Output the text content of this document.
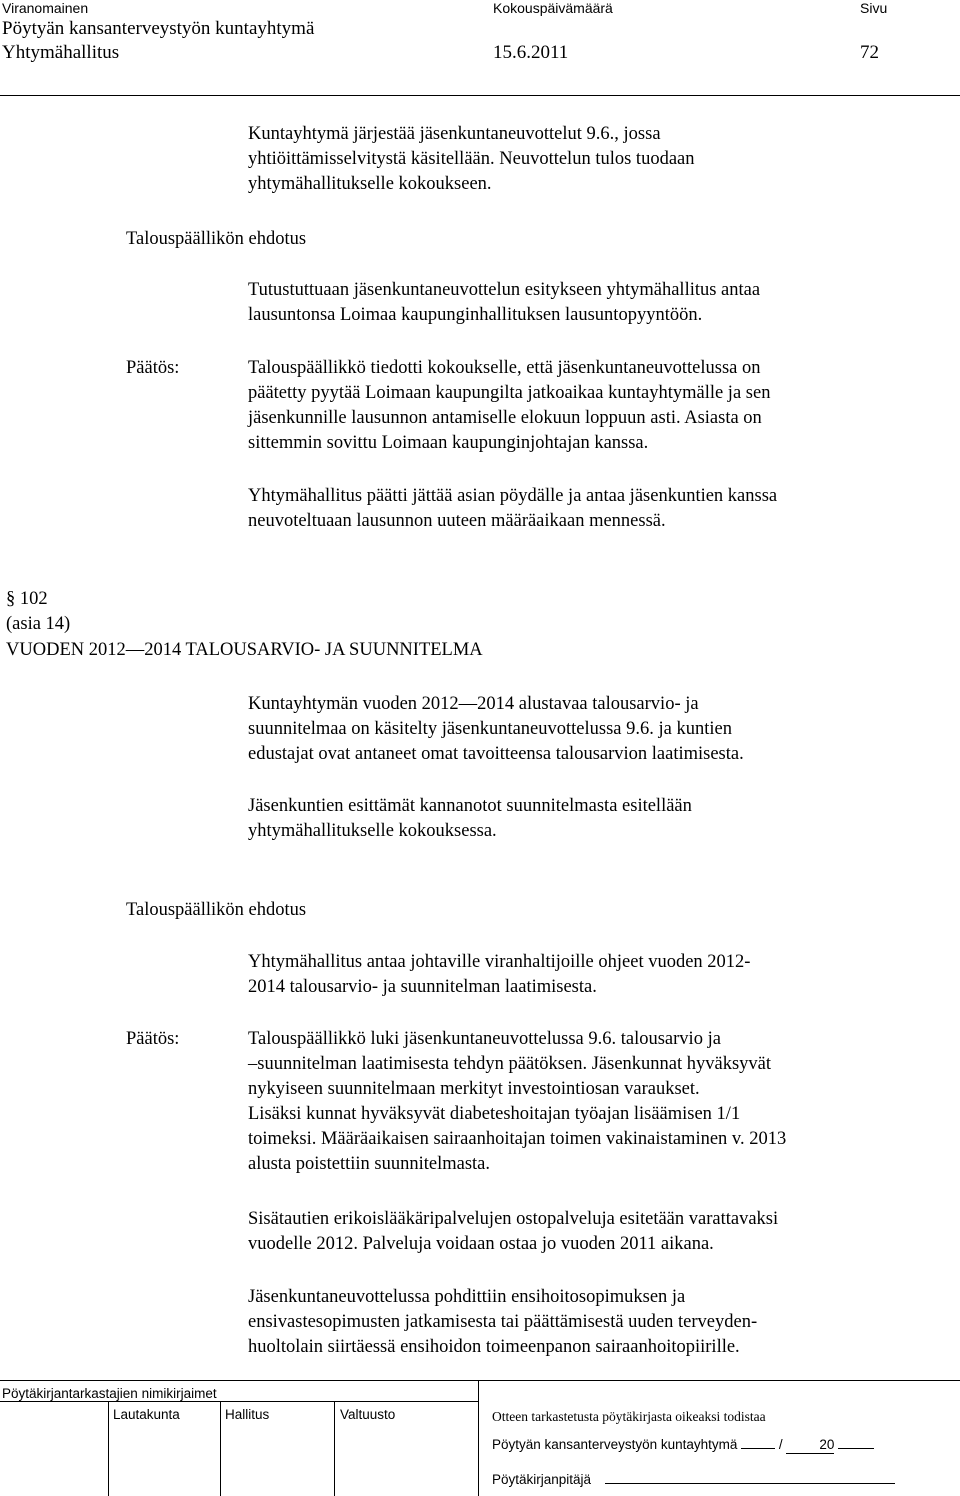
Viranomainen	Kokouspäivämäärä	Sivu
Pöytyän kansanterveystyön kuntayhtymä
Yhtymähallitus	15.6.2011	72
Kuntayhtymä järjestää jäsenkuntaneuvottelut 9.6., jossa
yhtiöittämisselvitystä käsitellään. Neuvottelun tulos tuodaan
yhtymähallitukselle kokoukseen.
Talouspäällikön ehdotus
Tutustuttuaan jäsenkuntaneuvottelun esitykseen yhtymähallitus antaa
lausuntonsa Loimaa kaupunginhallituksen lausuntopyyntöön.
Päätös:	Talouspäällikkö tiedotti kokoukselle, että jäsenkuntaneuvottelussa on
päätetty pyytää Loimaan kaupungilta jatkoaikaa kuntayhtymälle ja sen
jäsenkunnille lausunnon antamiselle elokuun loppuun asti. Asiasta on
sittemmin sovittu Loimaan kaupunginjohtajan kanssa.
Yhtymähallitus päätti jättää asian pöydälle ja antaa jäsenkuntien kanssa
neuvoteltuaan lausunnon uuteen määräaikaan mennessä.
§ 102
(asia 14)
VUODEN 2012—2014 TALOUSARVIO- JA SUUNNITELMA
Kuntayhtymän vuoden 2012—2014 alustavaa talousarvio- ja
suunnitelmaa on käsitelty jäsenkuntaneuvottelussa 9.6. ja kuntien
edustajat ovat antaneet omat tavoitteensa talousarvion laatimisesta.
Jäsenkuntien esittämät kannanotot suunnitelmasta esitellään
yhtymähallitukselle kokouksessa.
Talouspäällikön ehdotus
Yhtymähallitus antaa johtaville viranhaltijoille ohjeet vuoden 2012-
2014 talousarvio- ja suunnitelman laatimisesta.
Päätös:	Talouspäällikkö luki jäsenkuntaneuvottelussa 9.6. talousarvio ja
–suunnitelman laatimisesta tehdyn päätöksen. Jäsenkunnat hyväksyvät
nykyiseen suunnitelmaan merkityt investointiosan varaukset.
Lisäksi kunnat hyväksyvät diabeteshoitajan työajan lisäämisen 1/1
toimeksi. Määräaikaisen sairaanhoitajan toimen vakinaistaminen v. 2013
alusta poistettiin suunnitelmasta.
Sisätautien erikoislääkäripalvelujen ostopalveluja esitetään varattavaksi
vuodelle 2012. Palveluja voidaan ostaa jo vuoden 2011 aikana.
Jäsenkuntaneuvottelussa pohdittiin ensihoitosopimuksen ja
ensivastesopimusten jatkamisesta tai päättämisestä uuden terveyden-
huoltolain siirtäessä ensihoidon toimeenpanon sairaanhoitopiirille.
Pöytäkirjantarkastajien nimikirjaimet
Lautakunta	Hallitus	Valtuusto	Otteen tarkastetusta pöytäkirjasta oikeaksi todistaa
Pöytyän kansanterveystyön kuntayhtymä	/	20
Pöytäkirjanpitäjä
